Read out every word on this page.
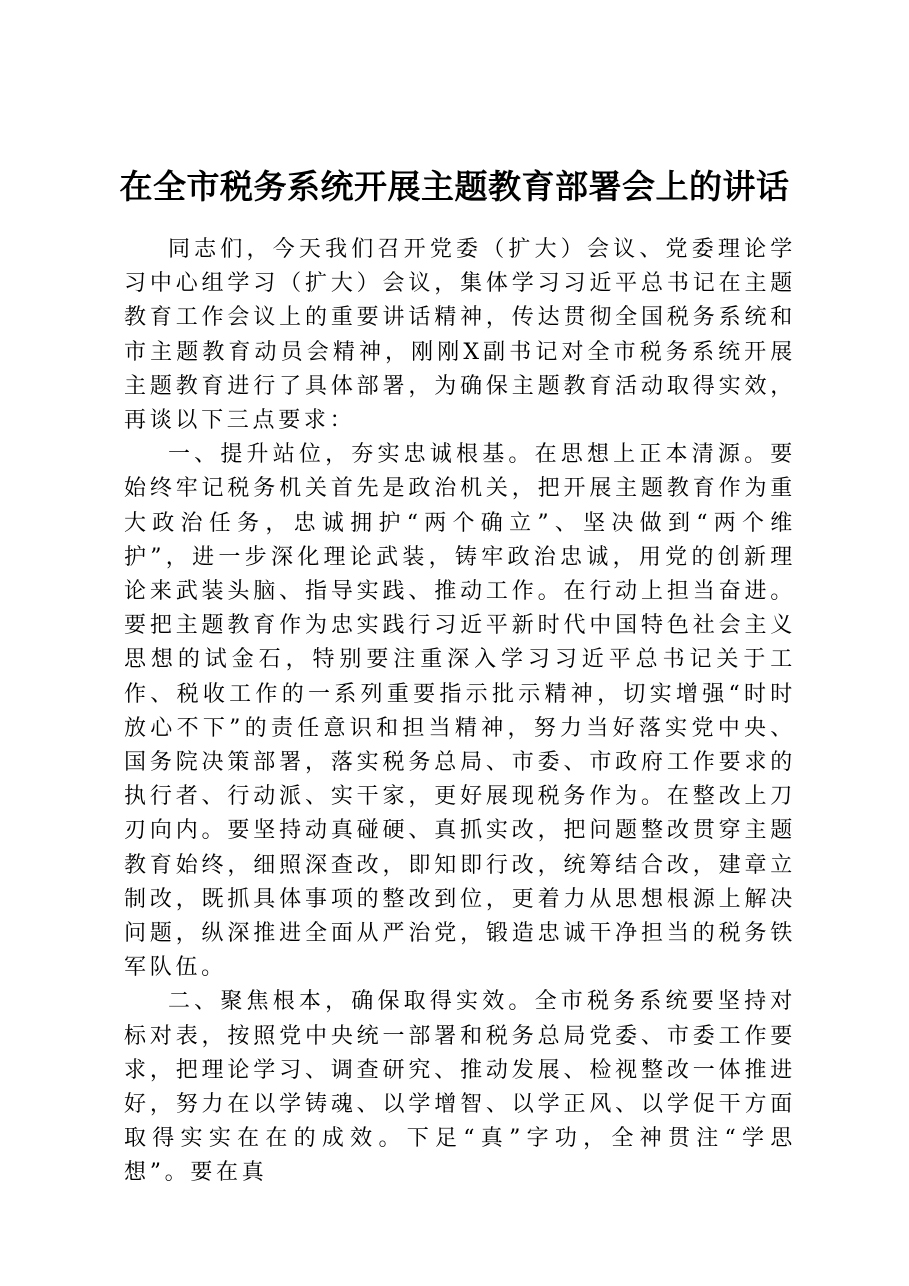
在全市税务系统开展主题教育部署会上的讲话

同志们，今天我们召开党委（扩大）会议、党委理论学习中心组学习（扩大）会议，集体学习习近平总书记在主题教育工作会议上的重要讲话精神，传达贯彻全国税务系统和市主题教育动员会精神，刚刚X副书记对全市税务系统开展主题教育进行了具体部署，为确保主题教育活动取得实效，再谈以下三点要求：

一、提升站位，夯实忠诚根基。在思想上正本清源。要始终牢记税务机关首先是政治机关，把开展主题教育作为重大政治任务，忠诚拥护“两个确立”、坚决做到“两个维护”，进一步深化理论武装，铸牢政治忠诚，用党的创新理论来武装头脑、指导实践、推动工作。在行动上担当奋进。要把主题教育作为忠实践行习近平新时代中国特色社会主义思想的试金石，特别要注重深入学习习近平总书记关于工作、税收工作的一系列重要指示批示精神，切实增强“时时放心不下”的责任意识和担当精神，努力当好落实党中央、国务院决策部署，落实税务总局、市委、市政府工作要求的执行者、行动派、实干家，更好展现税务作为。在整改上刀刃向内。要坚持动真碰硬、真抓实改，把问题整改贯穿主题教育始终，细照深查改，即知即行改，统筹结合改，建章立制改，既抓具体事项的整改到位，更着力从思想根源上解决问题，纵深推进全面从严治党，锻造忠诚干净担当的税务铁军队伍。

二、聚焦根本，确保取得实效。全市税务系统要坚持对标对表，按照党中央统一部署和税务总局党委、市委工作要求，把理论学习、调查研究、推动发展、检视整改一体推进好，努力在以学铸魂、以学增智、以学正风、以学促干方面取得实实在在的成效。下足“真”字功，全神贯注“学思想”。要在真
